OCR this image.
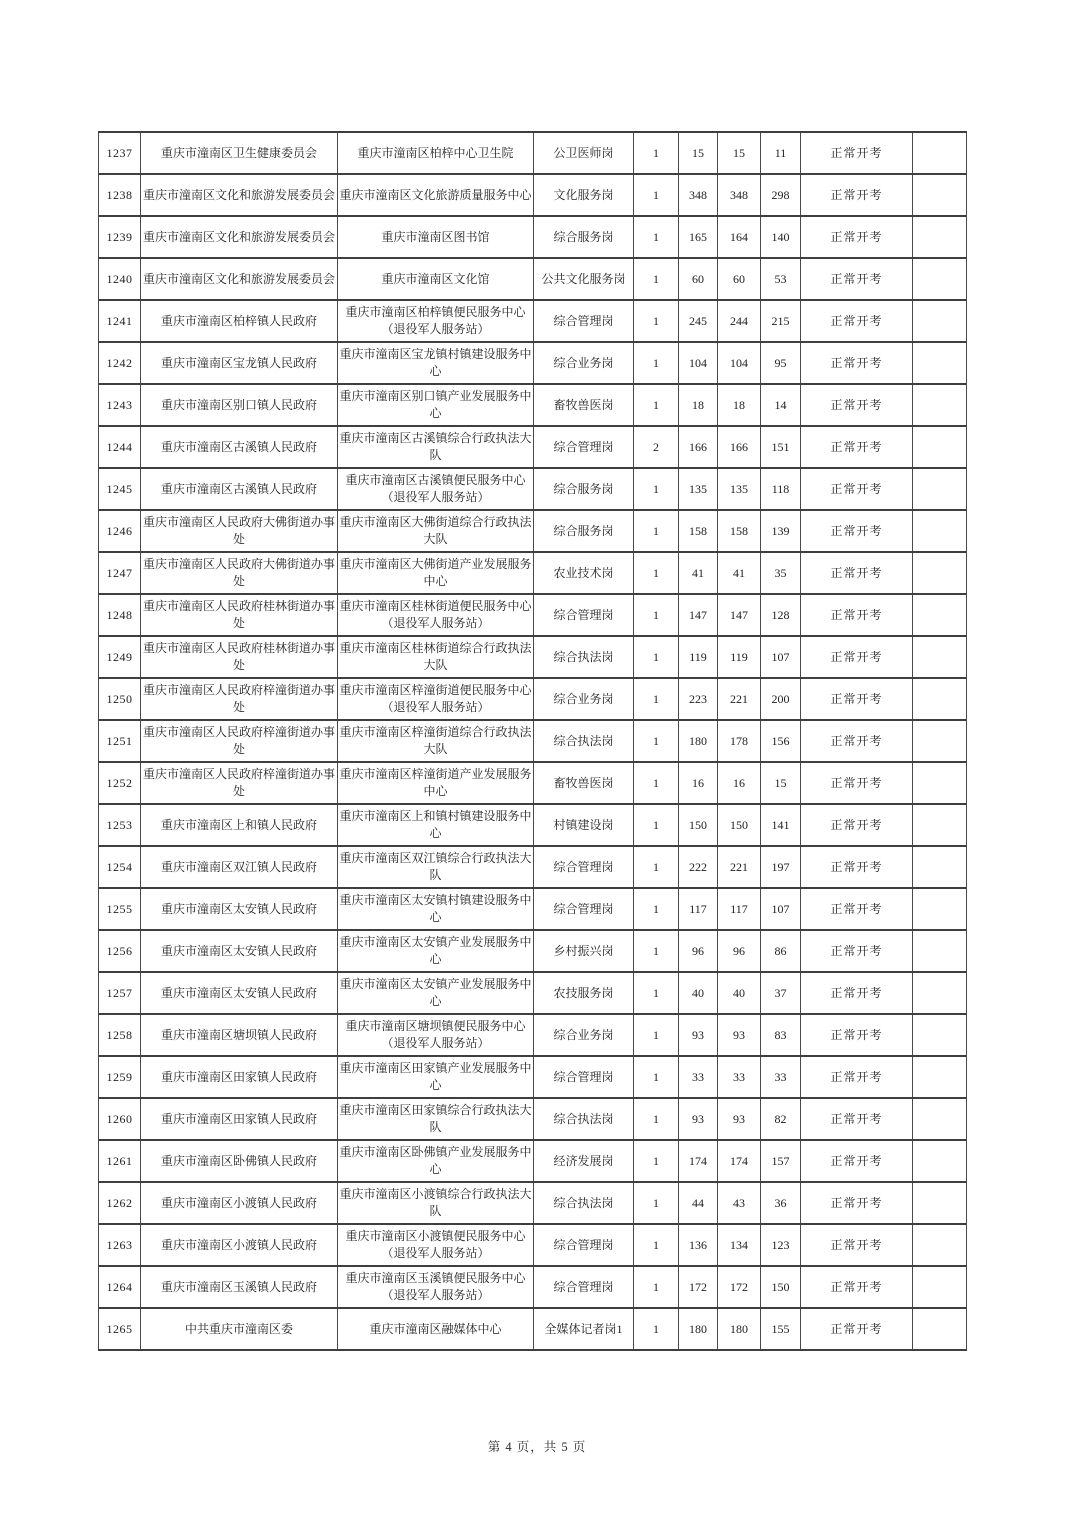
1237	重庆市潼南区卫生健康委员会	重庆市潼南区柏梓中心卫生院	公卫医师岗	1	15	15	11	正常开考	
1238	重庆市潼南区文化和旅游发展委员会	重庆市潼南区文化旅游质量服务中心	文化服务岗	1	348	348	298	正常开考	
1239	重庆市潼南区文化和旅游发展委员会	重庆市潼南区图书馆	综合服务岗	1	165	164	140	正常开考	
1240	重庆市潼南区文化和旅游发展委员会	重庆市潼南区文化馆	公共文化服务岗	1	60	60	53	正常开考	
1241	重庆市潼南区柏梓镇人民政府	重庆市潼南区柏梓镇便民服务中心（退役军人服务站）	综合管理岗	1	245	244	215	正常开考	
1242	重庆市潼南区宝龙镇人民政府	重庆市潼南区宝龙镇村镇建设服务中心	综合业务岗	1	104	104	95	正常开考	
1243	重庆市潼南区别口镇人民政府	重庆市潼南区别口镇产业发展服务中心	畜牧兽医岗	1	18	18	14	正常开考	
1244	重庆市潼南区古溪镇人民政府	重庆市潼南区古溪镇综合行政执法大队	综合管理岗	2	166	166	151	正常开考	
1245	重庆市潼南区古溪镇人民政府	重庆市潼南区古溪镇便民服务中心（退役军人服务站）	综合服务岗	1	135	135	118	正常开考	
1246	重庆市潼南区人民政府大佛街道办事处	重庆市潼南区大佛街道综合行政执法大队	综合服务岗	1	158	158	139	正常开考	
1247	重庆市潼南区人民政府大佛街道办事处	重庆市潼南区大佛街道产业发展服务中心	农业技术岗	1	41	41	35	正常开考	
1248	重庆市潼南区人民政府桂林街道办事处	重庆市潼南区桂林街道便民服务中心（退役军人服务站）	综合管理岗	1	147	147	128	正常开考	
1249	重庆市潼南区人民政府桂林街道办事处	重庆市潼南区桂林街道综合行政执法大队	综合执法岗	1	119	119	107	正常开考	
1250	重庆市潼南区人民政府梓潼街道办事处	重庆市潼南区梓潼街道便民服务中心（退役军人服务站）	综合业务岗	1	223	221	200	正常开考	
1251	重庆市潼南区人民政府梓潼街道办事处	重庆市潼南区梓潼街道综合行政执法大队	综合执法岗	1	180	178	156	正常开考	
1252	重庆市潼南区人民政府梓潼街道办事处	重庆市潼南区梓潼街道产业发展服务中心	畜牧兽医岗	1	16	16	15	正常开考	
1253	重庆市潼南区上和镇人民政府	重庆市潼南区上和镇村镇建设服务中心	村镇建设岗	1	150	150	141	正常开考	
1254	重庆市潼南区双江镇人民政府	重庆市潼南区双江镇综合行政执法大队	综合管理岗	1	222	221	197	正常开考	
1255	重庆市潼南区太安镇人民政府	重庆市潼南区太安镇村镇建设服务中心	综合管理岗	1	117	117	107	正常开考	
1256	重庆市潼南区太安镇人民政府	重庆市潼南区太安镇产业发展服务中心	乡村振兴岗	1	96	96	86	正常开考	
1257	重庆市潼南区太安镇人民政府	重庆市潼南区太安镇产业发展服务中心	农技服务岗	1	40	40	37	正常开考	
1258	重庆市潼南区塘坝镇人民政府	重庆市潼南区塘坝镇便民服务中心（退役军人服务站）	综合业务岗	1	93	93	83	正常开考	
1259	重庆市潼南区田家镇人民政府	重庆市潼南区田家镇产业发展服务中心	综合管理岗	1	33	33	33	正常开考	
1260	重庆市潼南区田家镇人民政府	重庆市潼南区田家镇综合行政执法大队	综合执法岗	1	93	93	82	正常开考	
1261	重庆市潼南区卧佛镇人民政府	重庆市潼南区卧佛镇产业发展服务中心	经济发展岗	1	174	174	157	正常开考	
1262	重庆市潼南区小渡镇人民政府	重庆市潼南区小渡镇综合行政执法大队	综合执法岗	1	44	43	36	正常开考	
1263	重庆市潼南区小渡镇人民政府	重庆市潼南区小渡镇便民服务中心（退役军人服务站）	综合管理岗	1	136	134	123	正常开考	
1264	重庆市潼南区玉溪镇人民政府	重庆市潼南区玉溪镇便民服务中心（退役军人服务站）	综合管理岗	1	172	172	150	正常开考	
1265	中共重庆市潼南区委	重庆市潼南区融媒体中心	全媒体记者岗1	1	180	180	155	正常开考	
第 4 页，共 5 页
